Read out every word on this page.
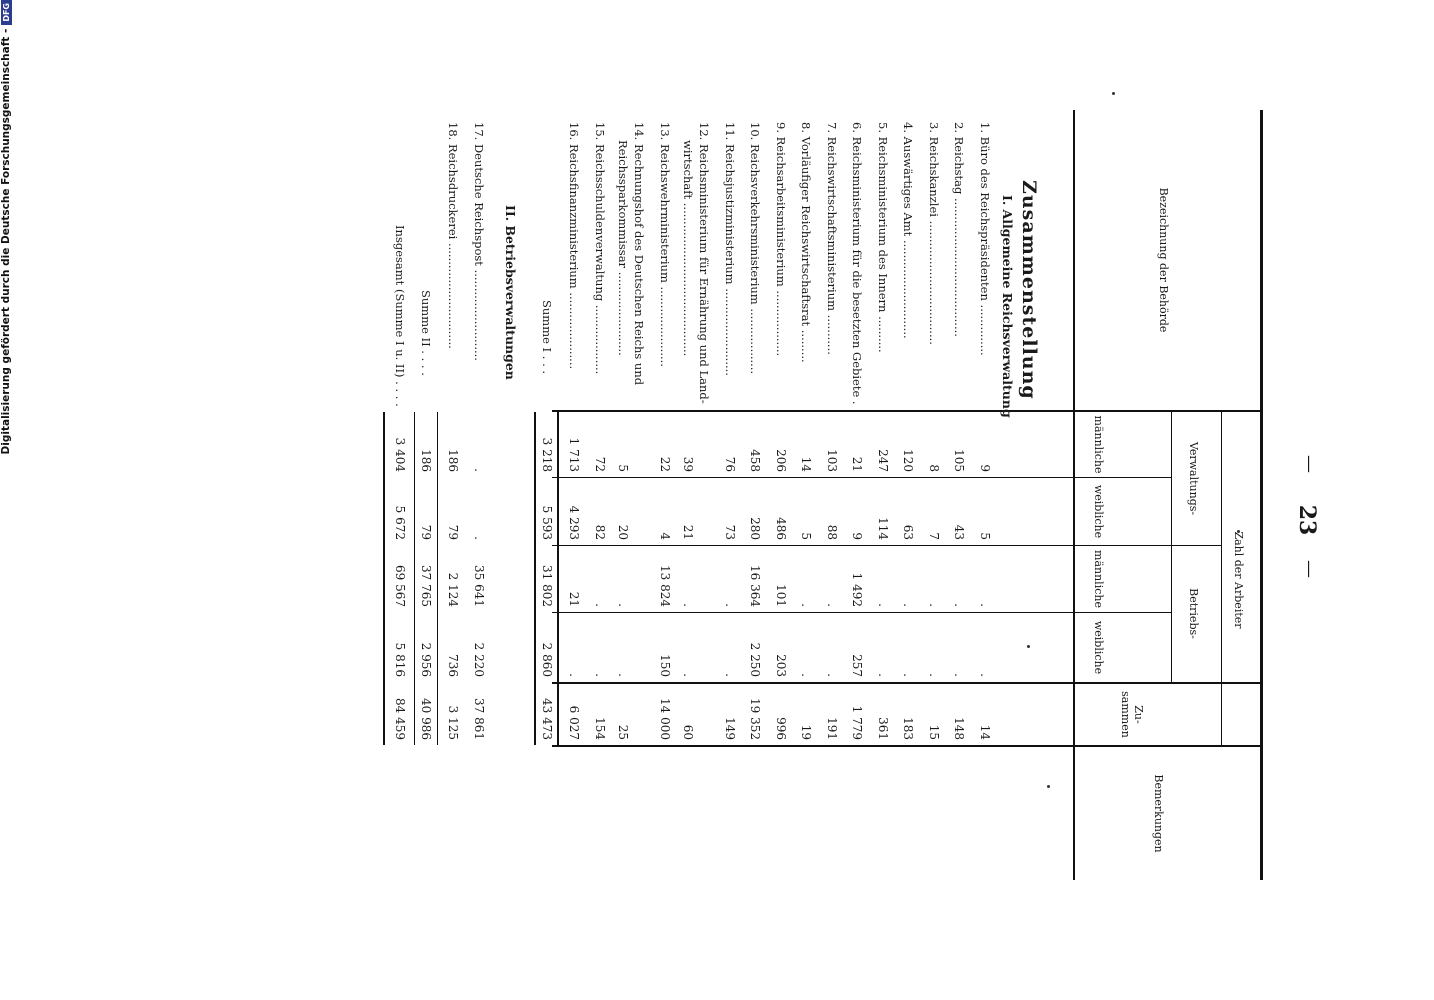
Digitalisierung gefördert durch die Deutsche Forschungsgemeinschaft -DFG
—
23
—
Bezeichnung der Behörde
Zahl der Arbeiter
Verwaltungs-
Betriebs-
männliche
weibliche
männliche
weibliche
Zu-
sammen
Bemerkungen
Zusammenstellung
I. Allgemeine Reichsverwaltung
1. Büro des Reichspräsidenten ..............
9
5
.
.
14
2. Reichstag ......................................
105
43
.
.
148
3. Reichskanzlei ..................................
8
7
.
.
15
4. Auswärtiges Amt ...........................
120
63
.
.
183
5. Reichsministerium des Innern ..........
247
114
.
.
361
6. Reichsministerium für die besetzten Gebiete .
21
9
1 492
257
1 779
7. Reichswirtschaftsministerium ...........
103
88
.
.
191
8. Vorläufiger Reichswirtschaftsrat .........
14
5
.
.
19
9. Reichsarbeitsministerium ..................
206
486
101
203
996
10. Reichsverkehrsministerium ..................
458
280
16 364
2 250
19 352
11. Reichsjustizministerium ........................
76
73
.
.
149
12. Reichsministerium für Ernährung und Land-
wirtschaft ..........................................
39
21
.
.
60
13. Reichswehrministerium ......................
22
4
13 824
150
14 000
14. Rechnungshof des Deutschen Reichs und
Reichssparkommissar .......................
5
20
.
.
25
15. Reichsschuldenverwaltung ...................
72
82
.
.
154
16. Reichsfinanzministerium .....................
1 713
4 293
21
.
6 027
Summe I . . .
3 218
5 593
31 802
2 860
43 473
II. Betriebsverwaltungen
17. Deutsche Reichspost .........................
.
.
35 641
2 220
37 861
18. Reichsdruckerei .............................
186
79
2 124
736
3 125
Summe II . . . .
186
79
37 765
2 956
40 986
Insgesamt (Summe I u. II) . . . .
3 404
5 672
69 567
5 816
84 459
